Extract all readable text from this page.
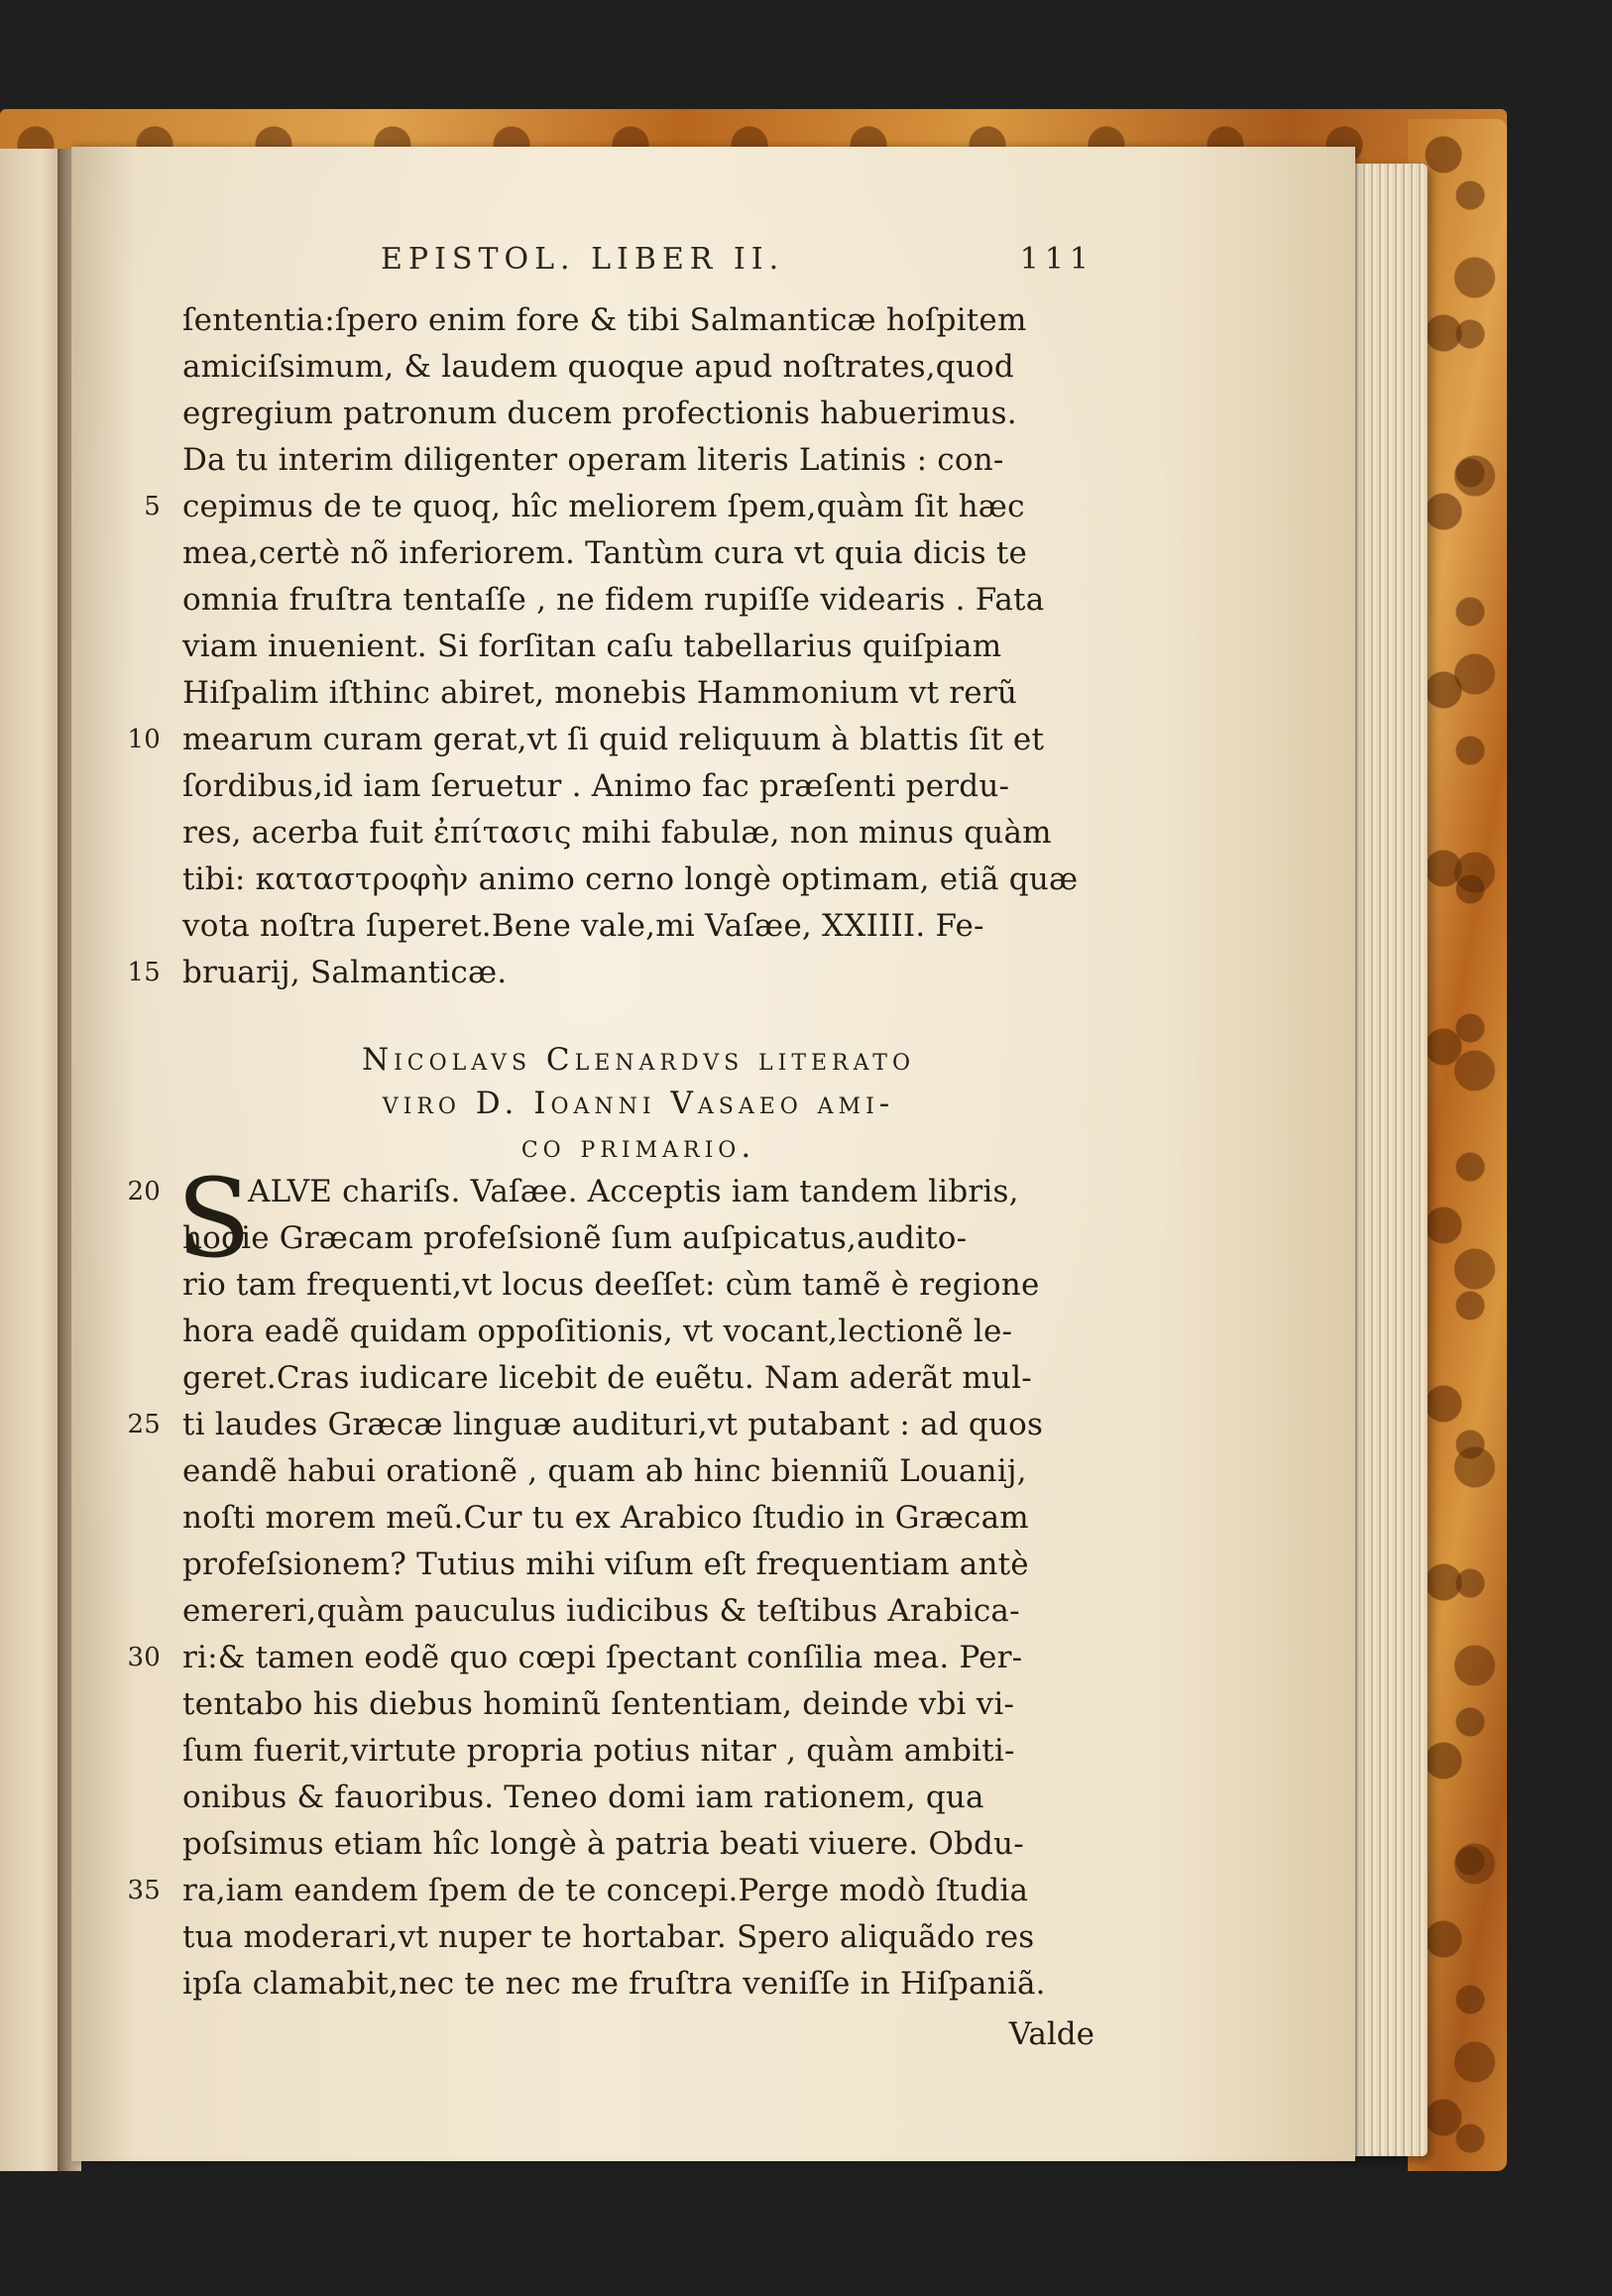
EPISTOL. LIBER II.	111
ſententia:ſpero enim fore & tibi Salmanticæ hoſpitem
amiciſsimum, & laudem quoque apud noſtrates,quod
egregium patronum ducem profectionis habuerimus.
Da tu interim diligenter operam literis Latinis : con-
5 cepimus de te quoq, hîc meliorem ſpem,quàm ſit hæc
mea,certè nõ inferiorem. Tantùm cura vt quia dicis te
omnia fruſtra tentaſſe , ne fidem rupiſſe videaris . Fata
viam inuenient. Si forſitan caſu tabellarius quiſpiam
Hiſpalim iſthinc abiret, monebis Hammonium vt rerũ
10 mearum curam gerat,vt ſi quid reliquum à blattis ſit et
ſordibus,id iam ſeruetur . Animo fac præſenti perdu-
res, acerba fuit ἐπίτασις mihi fabulæ, non minus quàm
tibi: καταστροφὴν animo cerno longè optimam, etiã quæ
vota noſtra ſuperet.Bene vale,mi Vaſæe, XXIIII. Fe-
15 bruarij, Salmanticæ.
Nicolavs Clenardvs literato
viro D. Ioanni Vasaeo ami-
co primario.
S
20	ALVE chariſs. Vaſæe. Acceptis iam tandem libris,
hodie Græcam profeſsionẽ ſum auſpicatus,audito-
rio tam frequenti,vt locus deeſſet: cùm tamẽ è regione
hora eadẽ quidam oppoſitionis, vt vocant,lectionẽ le-
geret.Cras iudicare licebit de euẽtu. Nam aderãt mul-
25 ti laudes Græcæ linguæ audituri,vt putabant : ad quos
eandẽ habui orationẽ , quam ab hinc bienniũ Louanij,
noſti morem meũ.Cur tu ex Arabico ſtudio in Græcam
profeſsionem? Tutius mihi viſum eſt frequentiam antè
emereri,quàm pauculus iudicibus & teſtibus Arabica-
30 ri:& tamen eodẽ quo cœpi ſpectant conſilia mea. Per-
tentabo his diebus hominũ ſententiam, deinde vbi vi-
ſum fuerit,virtute propria potius nitar , quàm ambiti-
onibus & fauoribus. Teneo domi iam rationem, qua
poſsimus etiam hîc longè à patria beati viuere. Obdu-
35 ra,iam eandem ſpem de te concepi.Perge modò ſtudia
tua moderari,vt nuper te hortabar. Spero aliquãdo res
ipſa clamabit,nec te nec me fruſtra veniſſe in Hiſpaniã.
Valde
